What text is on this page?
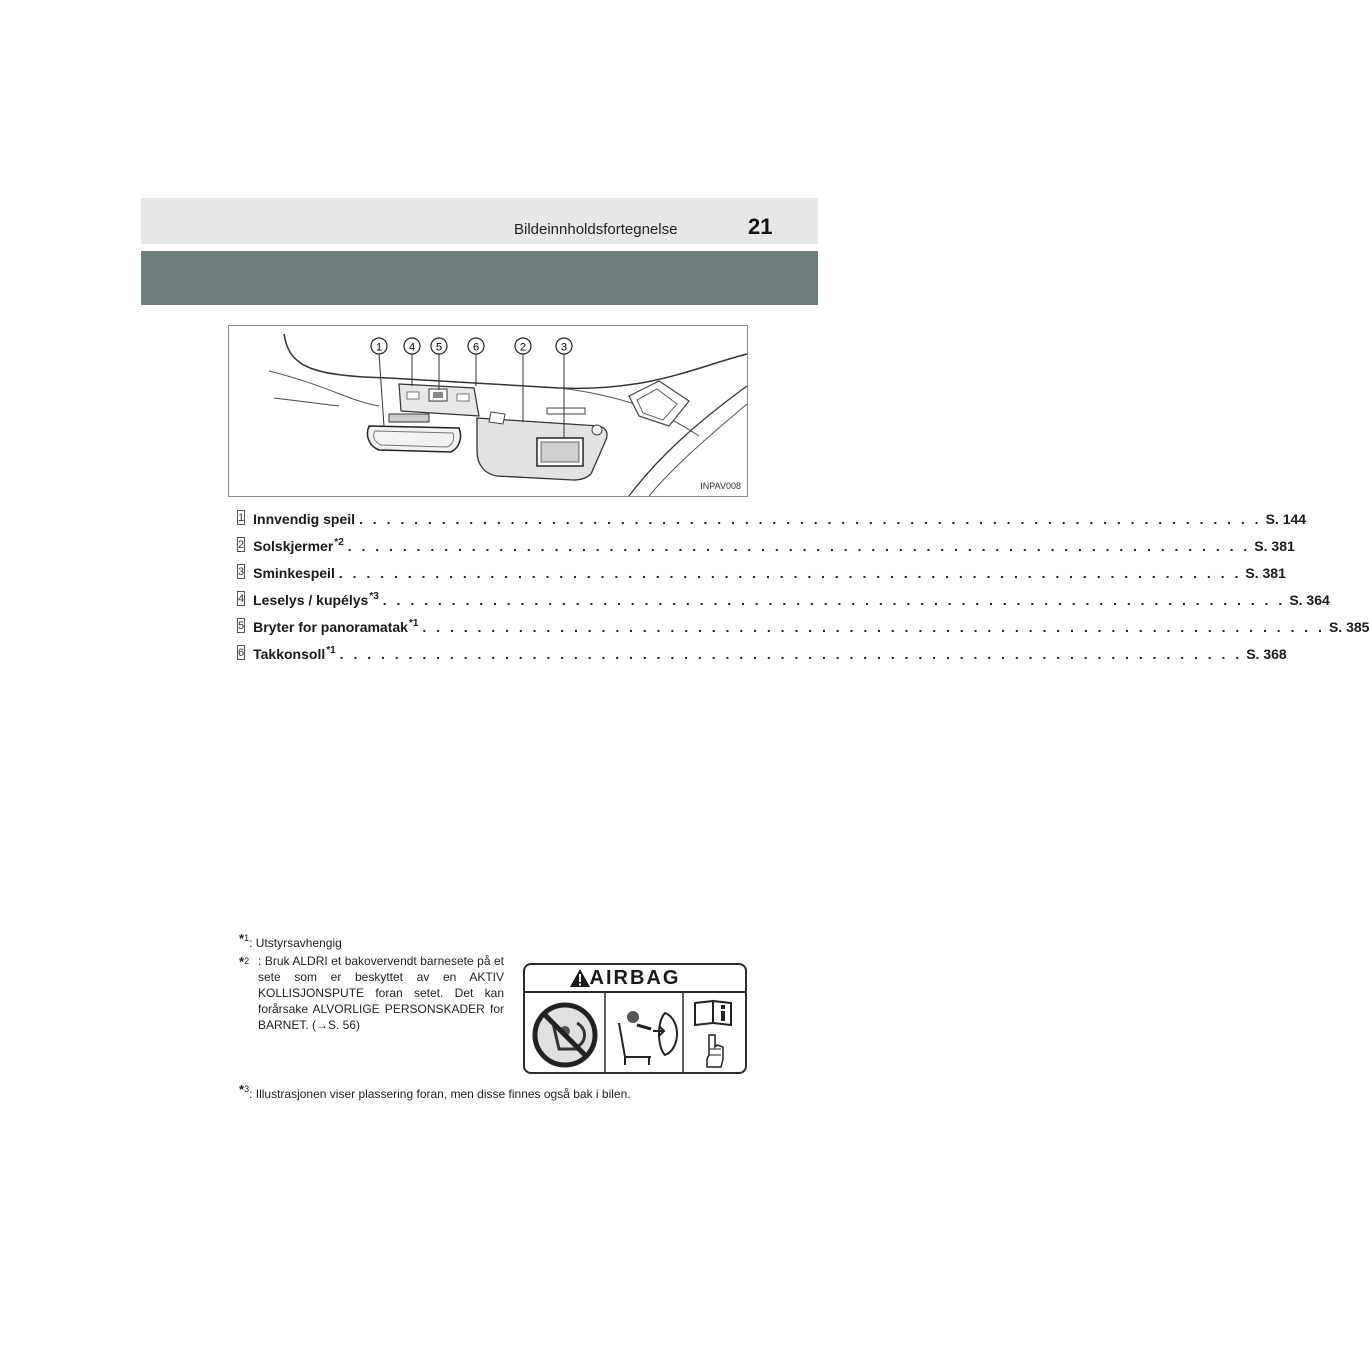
Bildeinnholdsfortegnelse	21
1 4 5	6	2	3
INPAV008
1 Innvendig speil . . . . . . . . . . . . . . . . . . . . . . . . . . . . . . . . . . . . . . . . . . . . . . . . . . . . . . . . . . . . . . . . . . S. 144
2 Solskjermer$^{*2}$ . . . . . . . . . . . . . . . . . . . . . . . . . . . . . . . . . . . . . . . . . . . . . . . . . . . . . . . . . . . . . . . . . . S. 381
3 Sminkespeil . . . . . . . . . . . . . . . . . . . . . . . . . . . . . . . . . . . . . . . . . . . . . . . . . . . . . . . . . . . . . . . . . . S. 381
4 Leselys / kupélys$^{*3}$ . . . . . . . . . . . . . . . . . . . . . . . . . . . . . . . . . . . . . . . . . . . . . . . . . . . . . . . . . . . . . . . . . . S. 364
5 Bryter for panoramatak$^{*1}$ . . . . . . . . . . . . . . . . . . . . . . . . . . . . . . . . . . . . . . . . . . . . . . . . . . . . . . . . . . . . . . . . . . S. 385
6 Takkonsoll$^{*1}$ . . . . . . . . . . . . . . . . . . . . . . . . . . . . . . . . . . . . . . . . . . . . . . . . . . . . . . . . . . . . . . . . . . S. 368
*$^1$: Utstyrsavhengig
*$^2$ : Bruk ALDRI et bakovervendt barnesete på et sete som er beskyttet av en AKTIV KOLLISJONSPUTE foran setet. Det kan forårsake ALVORLIGE PERSONSKADER for BARNET. (→S. 56)
AIRBAG
*$^3$: Illustrasjonen viser plassering foran, men disse finnes også bak i bilen.
